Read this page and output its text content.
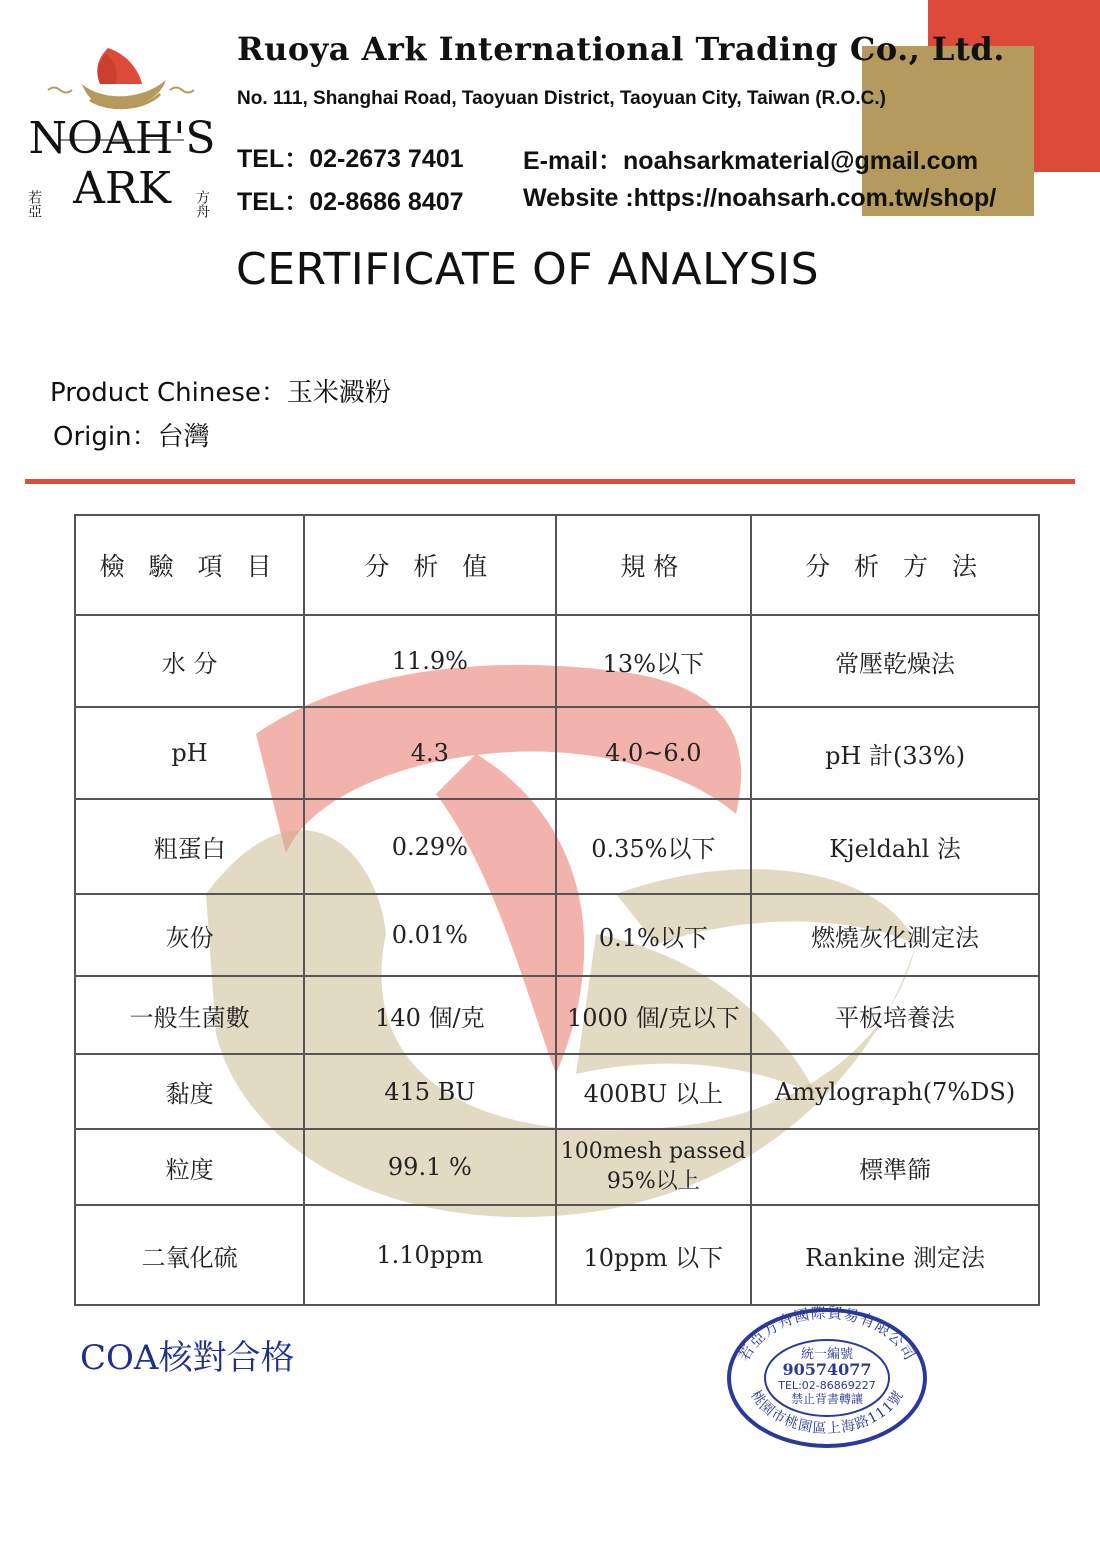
NOAH'S
ARK
若亞	方舟
Ruoya Ark International Trading Co., Ltd.
No. 111, Shanghai Road, Taoyuan District, Taoyuan City, Taiwan (R.O.C.)
TEL：02-2673 7401
TEL：02-8686 8407
E-mail：noahsarkmaterial@gmail.com
Website :https://noahsarh.com.tw/shop/
CERTIFICATE OF ANALYSIS
Product Chinese：玉米澱粉
Origin：台灣
檢 驗 項 目	分 析 值	規格	分 析 方 法
水 分	11.9%	13%以下	常壓乾燥法
pH	4.3	4.0~6.0	pH 計(33%)
粗蛋白	0.29%	0.35%以下	Kjeldahl 法
灰份	0.01%	0.1%以下	燃燒灰化測定法
一般生菌數	140 個/克	1000 個/克以下	平板培養法
黏度	415 BU	400BU 以上	Amylograph(7%DS)
粒度	99.1 %	100mesh passed 95%以上	標準篩
二氧化硫	1.10ppm	10ppm 以下	Rankine 測定法
COA核對合格	若亞方舟國際貿易有限公司
桃園市桃園區上海路111號
統一編號
90574077
TEL:02-86869227
禁止背書轉讓
